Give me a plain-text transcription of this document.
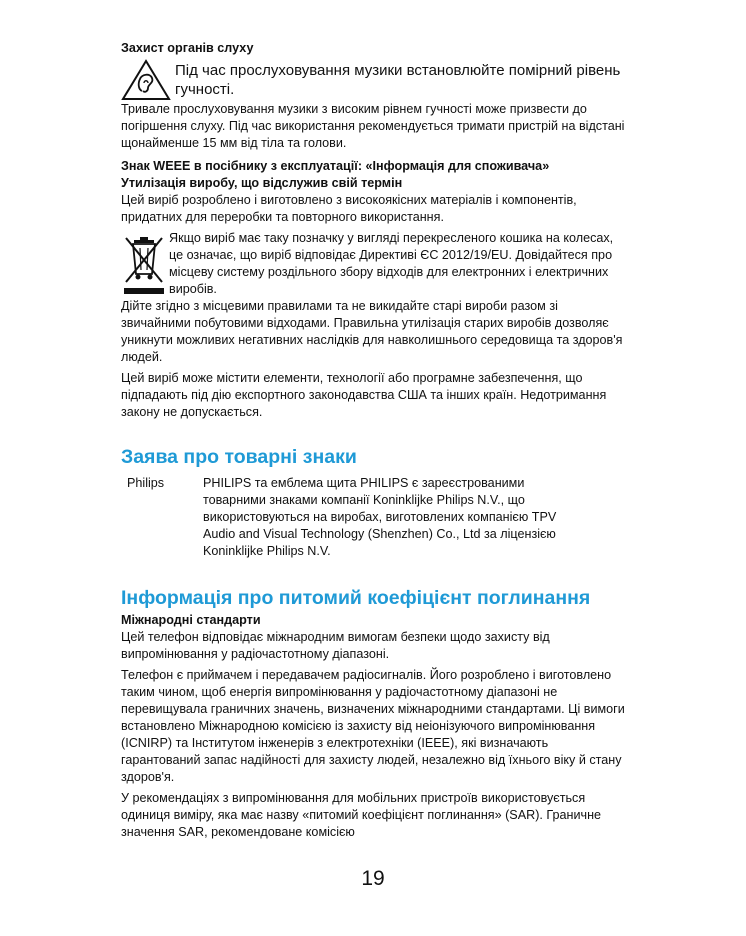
Захист органів слуху

Під час прослуховування музики встановлюйте помірний рівень гучності.

Тривале прослуховування музики з високим рівнем гучності може призвести до погіршення слуху. Під час використання рекомендується тримати пристрій на відстані щонайменше 15 мм від тіла та голови.

Знак WEEE в посібнику з експлуатації: «Інформація для споживача»

Утилізація виробу, що відслужив свій термін

Цей виріб розроблено і виготовлено з високоякісних матеріалів і компонентів, придатних для переробки та повторного використання.

Якщо виріб має таку позначку у вигляді перекресленого кошика на колесах, це означає, що виріб відповідає Директиві ЄС 2012/19/EU. Довідайтеся про місцеву систему роздільного збору відходів для електронних і електричних виробів.

Дійте згідно з місцевими правилами та не викидайте старі вироби разом зі звичайними побутовими відходами. Правильна утилізація старих виробів дозволяє уникнути можливих негативних наслідків для навколишнього середовища та здоров'я людей.

Цей виріб може містити елементи, технології або програмне забезпечення, що підпадають під дію експортного законодавства США та інших країн. Недотримання закону не допускається.

Заява про товарні знаки

Philips	PHILIPS та емблема щита PHILIPS є зареєстрованими товарними знаками компанії Koninklijke Philips N.V., що використовуються на виробах, виготовлених компанією TPV Audio and Visual Technology (Shenzhen) Co., Ltd за ліцензією Koninklijke Philips N.V.

Інформація про питомий коефіцієнт поглинання

Міжнародні стандарти

Цей телефон відповідає міжнародним вимогам безпеки щодо захисту від випромінювання у радіочастотному діапазоні.

Телефон є приймачем і передавачем радіосигналів. Його розроблено і виготовлено таким чином, щоб енергія випромінювання у радіочастотному діапазоні не перевищувала граничних значень, визначених міжнародними стандартами. Ці вимоги встановлено Міжнародною комісією із захисту від неіонізуючого випромінювання (ICNIRP) та Інститутом інженерів з електротехніки (IEEE), які визначають гарантований запас надійності для захисту людей, незалежно від їхнього віку й стану здоров'я.

У рекомендаціях з випромінювання для мобільних пристроїв використовується одиниця виміру, яка має назву «питомий коефіцієнт поглинання» (SAR). Граничне значення SAR, рекомендоване комісією

19
